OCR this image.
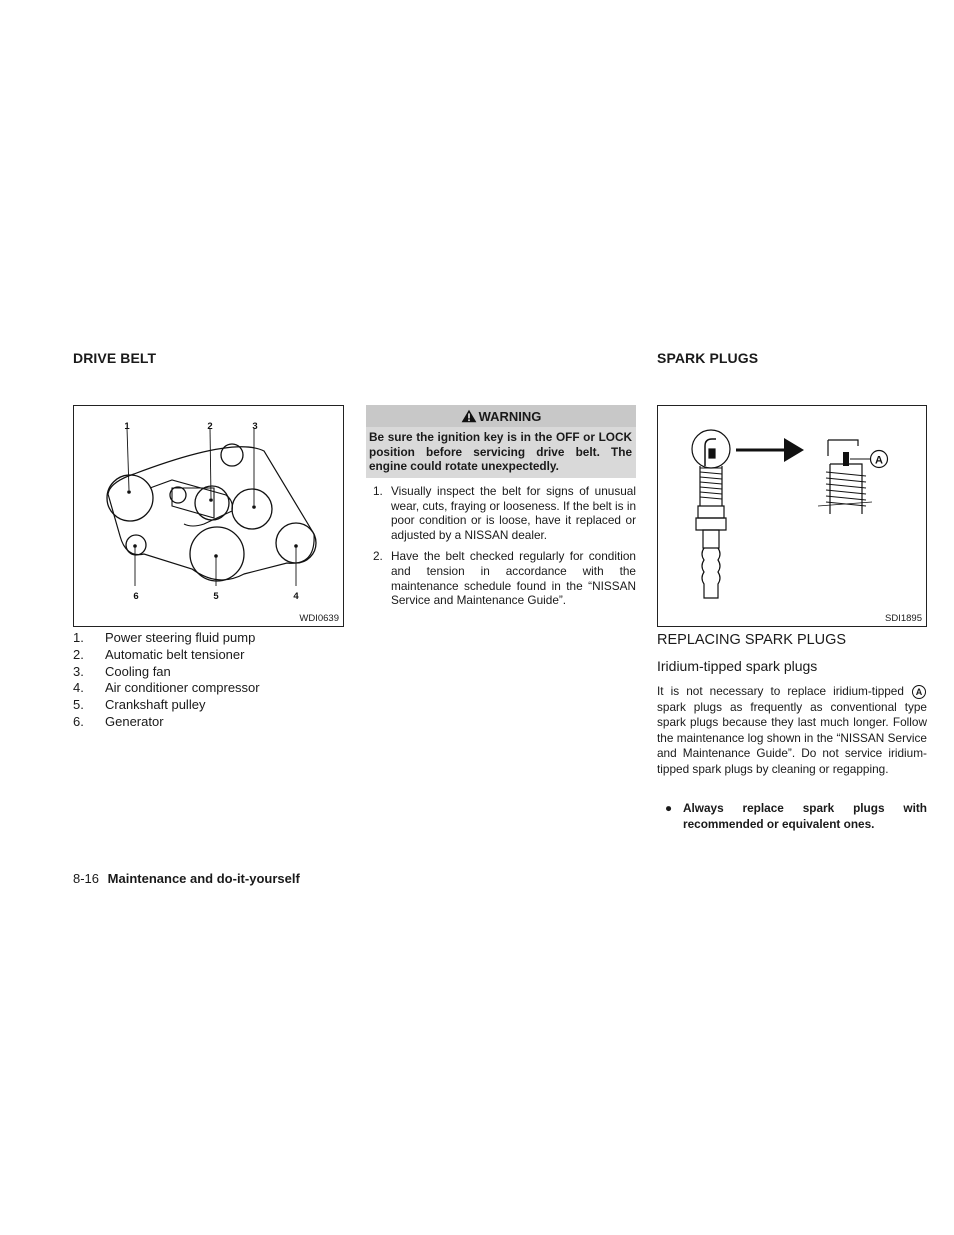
DRIVE BELT	SPARK PLUGS
1	2	3
4
5
6
WDI0639
1.	Power steering fluid pump
2.	Automatic belt tensioner
3.	Cooling fan
4.	Air conditioner compressor
5.	Crankshaft pulley
6.	Generator
WARNING
Be sure the ignition key is in the OFF or LOCK position before servicing drive belt. The engine could rotate unexpectedly.
1. Visually inspect the belt for signs of unusual wear, cuts, fraying or looseness. If the belt is in poor condition or is loose, have it replaced or adjusted by a NISSAN dealer.
2. Have the belt checked regularly for condition and tension in accordance with the maintenance schedule found in the “NISSAN Service and Maintenance Guide”.
A
SDI1895
REPLACING SPARK PLUGS
Iridium-tipped spark plugs

It is not necessary to replace iridium-tipped A spark plugs as frequently as conventional type spark plugs because they last much longer. Follow the maintenance log shown in the “NISSAN Service and Maintenance Guide”. Do not service iridium-tipped spark plugs by cleaning or regapping.

● Always replace spark plugs with recommended or equivalent ones.
8-16 Maintenance and do-it-yourself
